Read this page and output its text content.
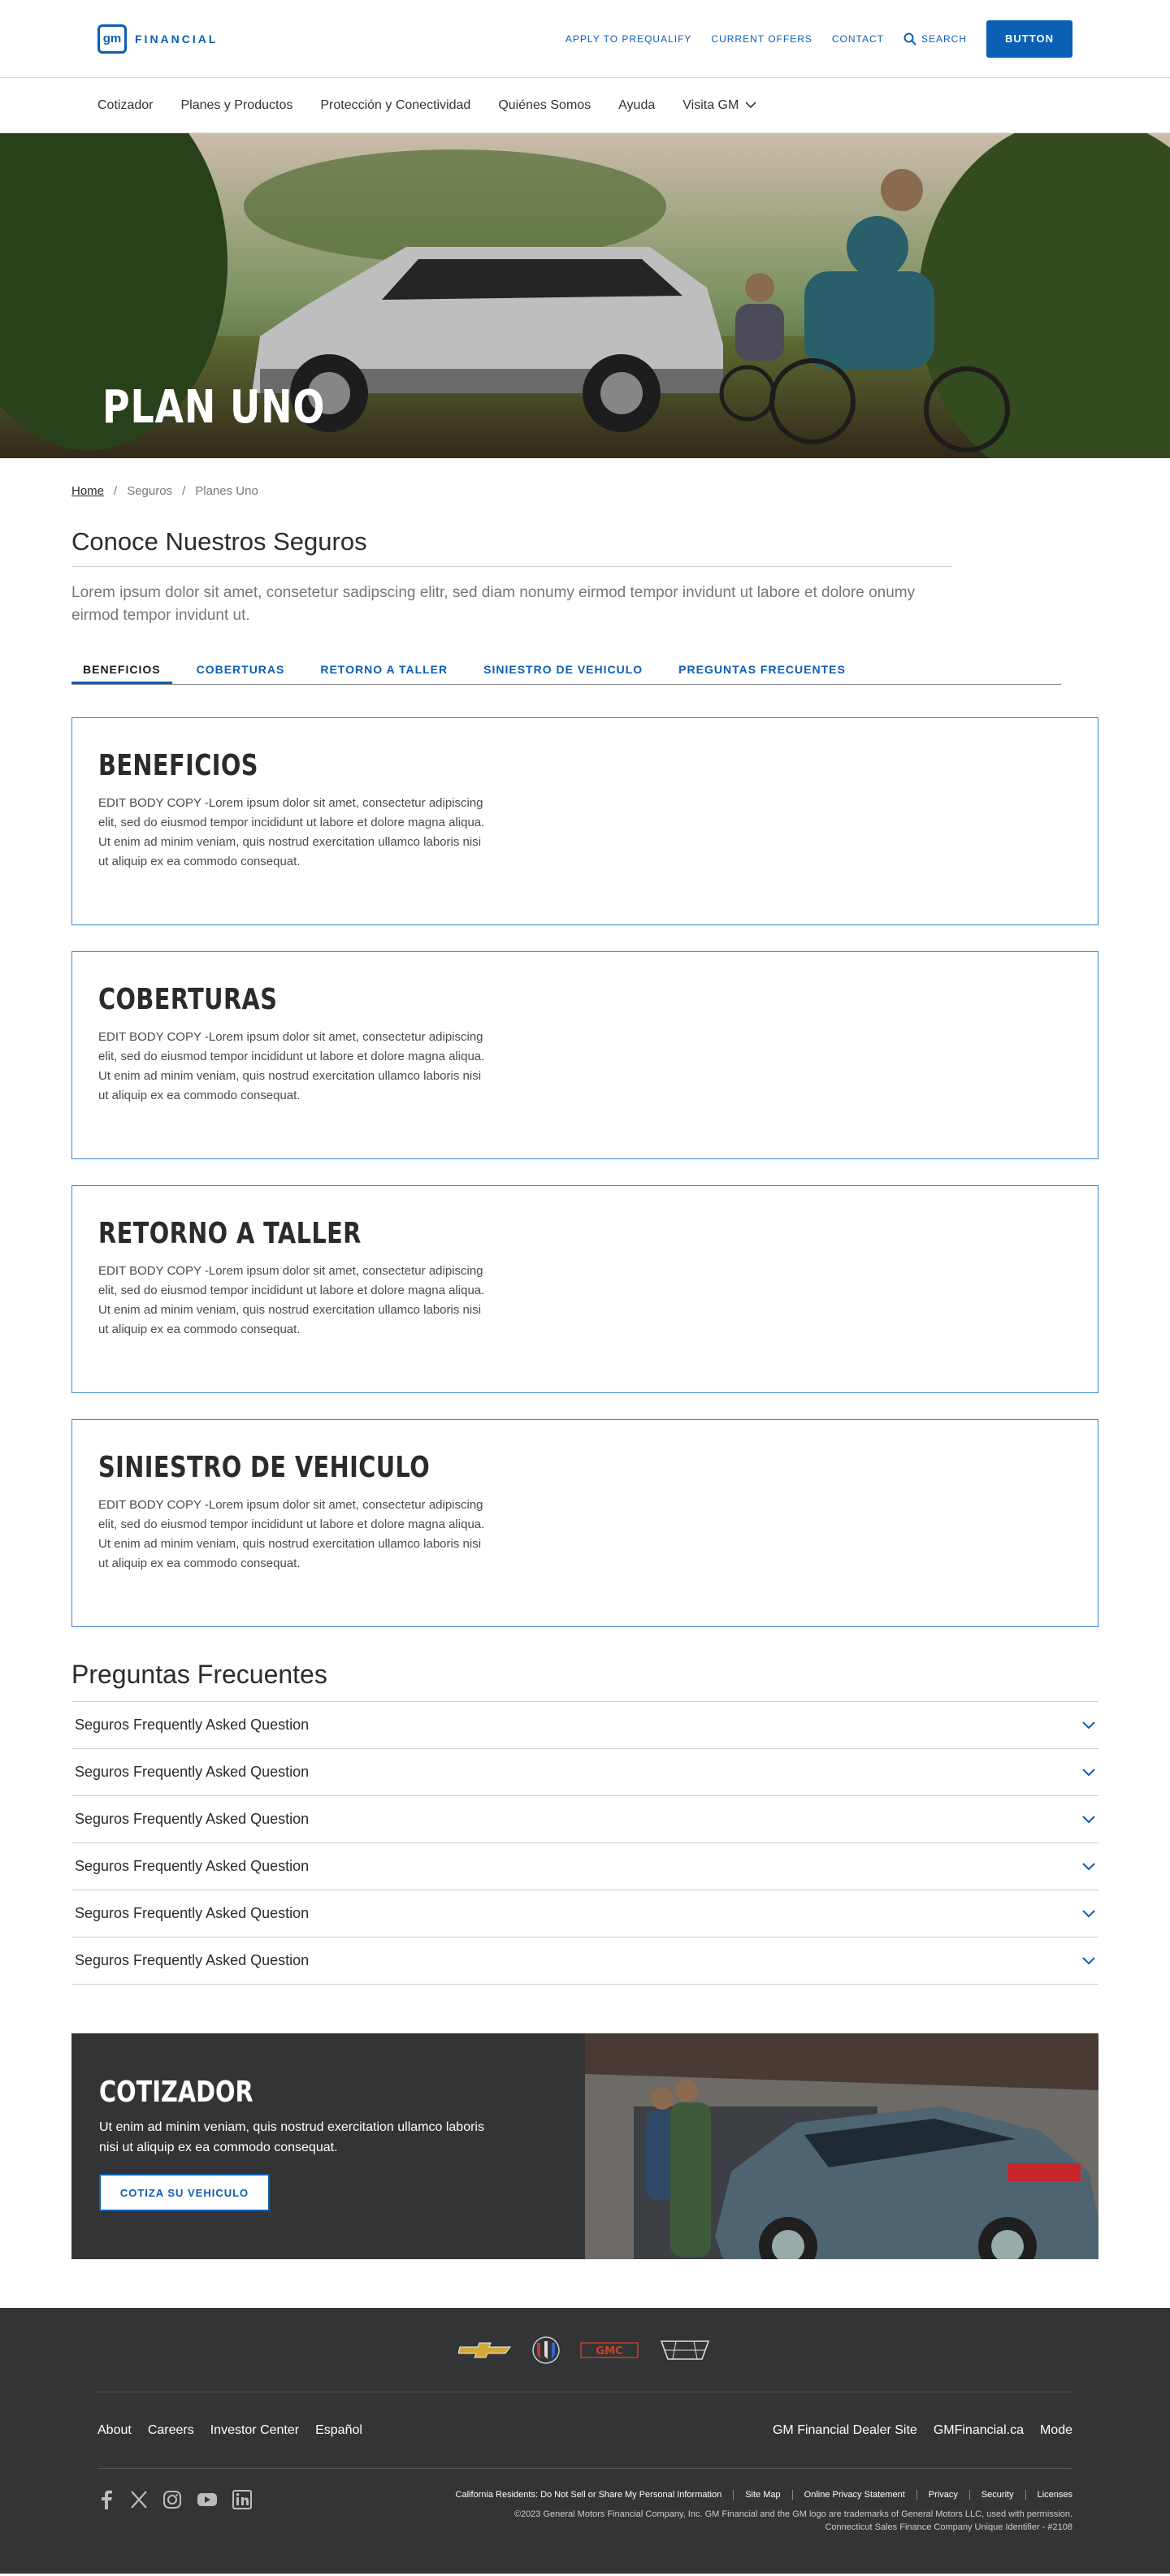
gm	FINANCIAL	APPLY TO PREQUALIFY CURRENT OFFERS CONTACT	SEARCH	BUTTON
Cotizador Planes y Productos Protección y Conectividad Quiénes Somos Ayuda Visita GM
PLAN UNO
Home / Seguros / Planes Uno
Conoce Nuestros Seguros

Lorem ipsum dolor sit amet, consetetur sadipscing elitr, sed diam nonumy eirmod tempor invidunt ut labore et dolore onumy eirmod tempor invidunt ut.

BENEFICIOS	COBERTURAS	RETORNO A TALLER	SINIESTRO DE VEHICULO	PREGUNTAS FRECUENTES
BENEFICIOS

EDIT BODY COPY -Lorem ipsum dolor sit amet, consectetur adipiscing elit, sed do eiusmod tempor incididunt ut labore et dolore magna aliqua. Ut enim ad minim veniam, quis nostrud exercitation ullamco laboris nisi ut aliquip ex ea commodo consequat.

COBERTURAS

EDIT BODY COPY -Lorem ipsum dolor sit amet, consectetur adipiscing elit, sed do eiusmod tempor incididunt ut labore et dolore magna aliqua. Ut enim ad minim veniam, quis nostrud exercitation ullamco laboris nisi ut aliquip ex ea commodo consequat.

RETORNO A TALLER

EDIT BODY COPY -Lorem ipsum dolor sit amet, consectetur adipiscing elit, sed do eiusmod tempor incididunt ut labore et dolore magna aliqua. Ut enim ad minim veniam, quis nostrud exercitation ullamco laboris nisi ut aliquip ex ea commodo consequat.

SINIESTRO DE VEHICULO

EDIT BODY COPY -Lorem ipsum dolor sit amet, consectetur adipiscing elit, sed do eiusmod tempor incididunt ut labore et dolore magna aliqua. Ut enim ad minim veniam, quis nostrud exercitation ullamco laboris nisi ut aliquip ex ea commodo consequat.

Preguntas Frecuentes
Seguros Frequently Asked Question
Seguros Frequently Asked Question
Seguros Frequently Asked Question
Seguros Frequently Asked Question
Seguros Frequently Asked Question
Seguros Frequently Asked Question
COTIZADOR

Ut enim ad minim veniam, quis nostrud exercitation ullamco laboris nisi ut aliquip ex ea commodo consequat.

COTIZA SU VEHICULO
GMC
About Careers Investor Center Español	GM Financial Dealer Site GMFinancial.ca Mode
California Residents: Do Not Sell or Share My Personal Information	Site Map	Online Privacy Statement	Privacy	Security	Licenses
©2023 General Motors Financial Company, Inc. GM Financial and the GM logo are trademarks of General Motors LLC, used with permission.
Connecticut Sales Finance Company Unique Identifier - #2108
